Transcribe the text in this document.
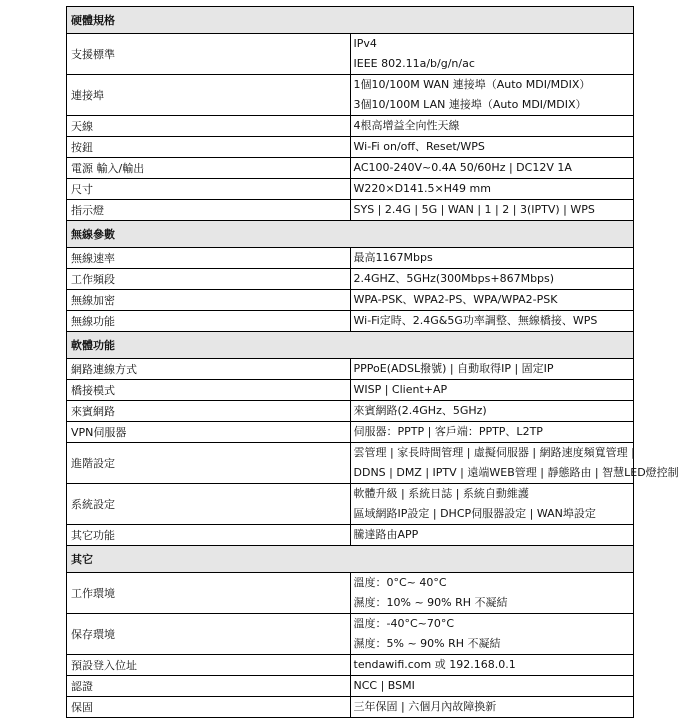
硬體規格	
支援標準	IPv4
IEEE 802.11a/b/g/n/ac

連接埠	1個10/100M WAN 連接埠（Auto MDI/MDIX）
3個10/100M LAN 連接埠（Auto MDI/MDIX）

天線	4根高增益全向性天線

按鈕	Wi-Fi on/off、Reset/WPS

電源 輸入/輸出	AC100-240V~0.4A 50/60Hz | DC12V 1A

尺寸	W220×D141.5×H49 mm

指示燈	SYS | 2.4G | 5G | WAN | 1 | 2 | 3(IPTV) | WPS

無線參數	
無線速率	最高1167Mbps

工作頻段	2.4GHZ、5GHz(300Mbps+867Mbps)

無線加密	WPA-PSK、WPA2-PS、WPA/WPA2-PSK

無線功能	Wi-Fi定時、2.4G&5G功率調整、無線橋接、WPS

軟體功能	
網路連線方式	PPPoE(ADSL撥號) | 自動取得IP | 固定IP

橋接模式	WISP | Client+AP

來賓網路	來賓網路(2.4GHz、5GHz)

VPN伺服器	伺服器：PPTP | 客戶端：PPTP、L2TP

進階設定	雲管理 | 家長時間管理 | 虛擬伺服器 | 網路速度頻寬管理 |
DDNS | DMZ | IPTV | 遠端WEB管理 | 靜態路由 | 智慧LED燈控制

系統設定	軟體升級 | 系統日誌 | 系統自動維護
區域網路IP設定 | DHCP伺服器設定 | WAN埠設定

其它功能	騰達路由APP

其它	
工作環境	溫度：0°C~ 40°C
濕度：10% ~ 90% RH 不凝結

保存環境	溫度：-40°C~70°C
濕度：5% ~ 90% RH 不凝結

預設登入位址	tendawifi.com 或 192.168.0.1

認證	NCC | BSMI

保固	三年保固 | 六個月內故障換新
